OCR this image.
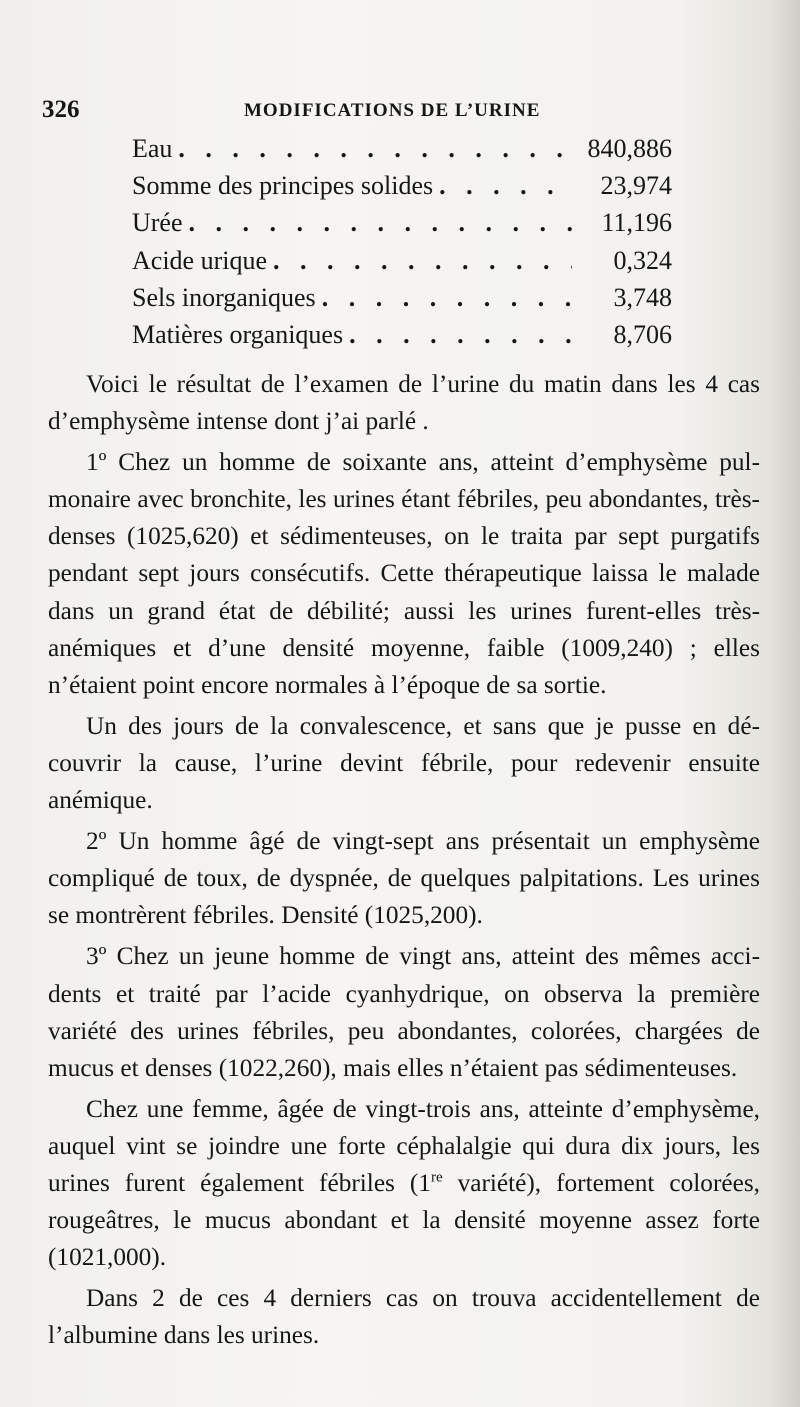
326	MODIFICATIONS DE L’URINE
Eau . . .	840,886
Somme des principes solides . . .	23,974
Urée . . .	11,196
Acide urique . . .	0,324
Sels inorganiques . . .	3,748
Matières organiques . . .	8,706

Voici le résultat de l’examen de l’urine du matin dans les 4 cas d’emphysème intense dont j’ai parlé .

1º Chez un homme de soixante ans, atteint d’emphysème pulmonaire avec bronchite, les urines étant fébriles, peu abondantes, très-denses (1025,620) et sédimenteuses, on le traita par sept purgatifs pendant sept jours consécutifs. Cette thérapeutique laissa le malade dans un grand état de débilité; aussi les urines furent-elles très-anémiques et d’une densité moyenne, faible (1009,240) ; elles n’étaient point encore normales à l’époque de sa sortie.

Un des jours de la convalescence, et sans que je pusse en découvrir la cause, l’urine devint fébrile, pour redevenir ensuite anémique.

2º Un homme âgé de vingt-sept ans présentait un emphysème compliqué de toux, de dyspnée, de quelques palpitations. Les urines se montrèrent fébriles. Densité (1025,200).

3º Chez un jeune homme de vingt ans, atteint des mêmes accidents et traité par l’acide cyanhydrique, on observa la première variété des urines fébriles, peu abondantes, colorées, chargées de mucus et denses (1022,260), mais elles n’étaient pas sédimenteuses.

Chez une femme, âgée de vingt-trois ans, atteinte d’emphysème, auquel vint se joindre une forte céphalalgie qui dura dix jours, les urines furent également fébriles (1re variété), fortement colorées, rougeâtres, le mucus abondant et la densité moyenne assez forte (1021,000).

Dans 2 de ces 4 derniers cas on trouva accidentellement de l’albumine dans les urines.
